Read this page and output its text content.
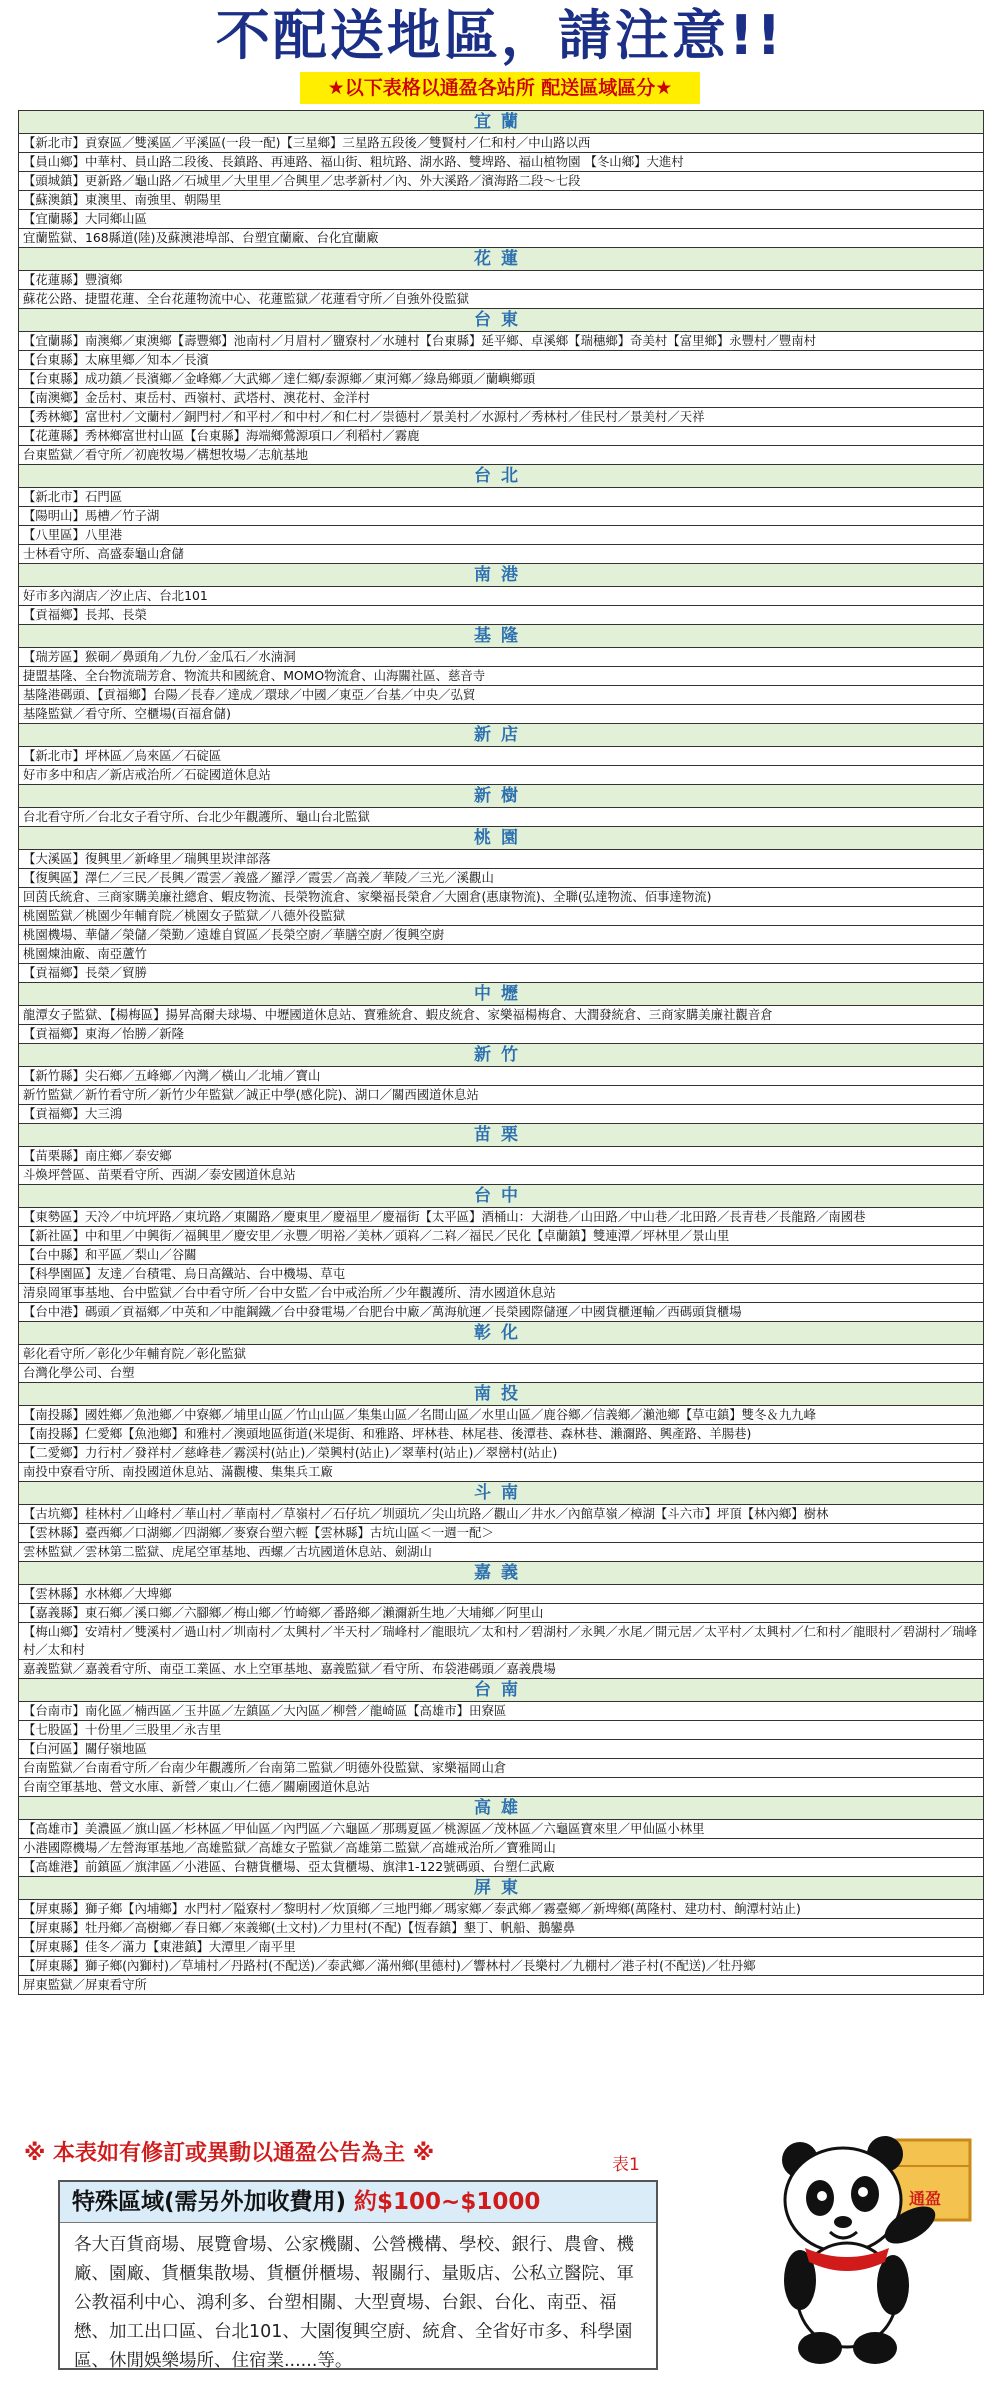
不配送地區，請注意!!
★以下表格以通盈各站所 配送區域區分★
宜蘭
【新北市】貢寮區／雙溪區／平溪區(一段一配)【三星鄉】三星路五段後／雙賢村／仁和村／中山路以西
【員山鄉】中華村、員山路二段後、長鎮路、再連路、福山街、粗坑路、湖水路、雙埤路、福山植物園 【冬山鄉】大進村
【頭城鎮】更新路／龜山路／石城里／大里里／合興里／忠孝新村／內、外大溪路／濱海路二段～七段
【蘇澳鎮】東澳里、南強里、朝陽里
【宜蘭縣】大同鄉山區
宜蘭監獄、168縣道(陸)及蘇澳港埠部、台塑宜蘭廠、台化宜蘭廠
花蓮
【花蓮縣】豐濱鄉
蘇花公路、捷盟花蓮、全台花蓮物流中心、花蓮監獄／花蓮看守所／自強外役監獄
台東
【宜蘭縣】南澳鄉／東澳鄉【壽豐鄉】池南村／月眉村／鹽寮村／水璉村【台東縣】延平鄉、卓溪鄉【瑞穗鄉】奇美村【富里鄉】永豐村／豐南村
【台東縣】太麻里鄉／知本／長濱
【台東縣】成功鎮／長濱鄉／金峰鄉／大武鄉／達仁鄉/泰源鄉／東河鄉／綠島鄉頭／蘭嶼鄉頭
【南澳鄉】金岳村、東岳村、西嶺村、武塔村、澳花村、金洋村
【秀林鄉】富世村／文蘭村／銅門村／和平村／和中村／和仁村／崇德村／景美村／水源村／秀林村／佳民村／景美村／天祥
【花蓮縣】秀林鄉富世村山區【台東縣】海端鄉鶯源項口／利稻村／霧鹿
台東監獄／看守所／初鹿牧場／構想牧場／志航基地
台北
【新北市】石門區
【陽明山】馬槽／竹子湖
【八里區】八里港
士林看守所、高盛泰龜山倉儲
南港
好市多內湖店／汐止店、台北101
【貢福鄉】長邦、長榮
基隆
【瑞芳區】猴硐／鼻頭角／九份／金瓜石／水湳洞
捷盟基隆、全台物流瑞芳倉、物流共和國統倉、MOMO物流倉、山海關社區、慈音寺
基隆港碼頭、【貢福鄉】台陽／長春／達成／環球／中國／東亞／台基／中央／弘貿
基隆監獄／看守所、空櫃場(百福倉儲)
新店
【新北市】坪林區／烏來區／石碇區
好市多中和店／新店戒治所／石碇國道休息站
新樹
台北看守所／台北女子看守所、台北少年觀護所、龜山台北監獄
桃園
【大溪區】復興里／新峰里／瑞興里崁津部落
【復興區】澤仁／三民／長興／霞雲／義盛／羅浮／霞雲／高義／華陵／三光／溪觀山
回茵氏統倉、三商家購美廉社總倉、蝦皮物流、長榮物流倉、家樂福長榮倉／大園倉(惠康物流)、全聯(弘達物流、佰事達物流)
桃園監獄／桃園少年輔育院／桃園女子監獄／八德外役監獄
桃園機場、華儲／榮儲／榮勤／遠雄自貿區／長榮空廚／華膳空廚／復興空廚
桃園煉油廠、南亞蘆竹
【貢福鄉】長榮／貿勝
中壢
龍潭女子監獄、【楊梅區】揚昇高爾夫球場、中壢國道休息站、寶雅統倉、蝦皮統倉、家樂福楊梅倉、大潤發統倉、三商家購美廉社觀音倉
【貢福鄉】東海／怡勝／新隆
新竹
【新竹縣】尖石鄉／五峰鄉／內灣／橫山／北埔／寶山
新竹監獄／新竹看守所／新竹少年監獄／誠正中學(感化院)、湖口／關西國道休息站
【貢福鄉】大三鴻
苗栗
【苗栗縣】南庄鄉／泰安鄉
斗煥坪營區、苗栗看守所、西湖／泰安國道休息站
台中
【東勢區】天冷／中坑坪路／東坑路／東關路／慶東里／慶福里／慶福街【太平區】酒桶山：大湖巷／山田路／中山巷／北田路／長青巷／長龍路／南國巷
【新社區】中和里／中興街／福興里／慶安里／永豐／明裕／美林／頭嵙／二嵙／福民／民化【卓蘭鎮】雙連潭／坪林里／景山里
【台中縣】和平區／梨山／谷關
【科學園區】友達／台積電、烏日高鐵站、台中機場、草屯
清泉岡軍事基地、台中監獄／台中看守所／台中女監／台中戒治所／少年觀護所、清水國道休息站
【台中港】碼頭／貢福鄉／中英和／中龍鋼鐵／台中發電場／台肥台中廠／萬海航運／長榮國際儲運／中國貨櫃運輸／西碼頭貨櫃場
彰化
彰化看守所／彰化少年輔育院／彰化監獄
台灣化學公司、台塑
南投
【南投縣】國姓鄉／魚池鄉／中寮鄉／埔里山區／竹山山區／集集山區／名間山區／水里山區／鹿谷鄉／信義鄉／瀨池鄉【草屯鎮】雙冬＆九九峰
【南投縣】仁愛鄉【魚池鄉】和雅村／澳頭地區街道(米堤街、和雅路、坪林巷、林尾巷、後潭巷、森林巷、瀨濔路、興產路、羊腸巷)
【二愛鄉】力行村／發祥村／慈峰巷／霧渓村(站止)／榮興村(站止)／翠華村(站止)／翠巒村(站止)
南投中寮看守所、南投國道休息站、滿觀樓、集集兵工廠
斗南
【古坑鄉】桂林村／山峰村／華山村／華南村／草嶺村／石仔坑／圳頭坑／尖山坑路／觀山／井水／內館草嶺／樟湖【斗六市】坪頂【林內鄉】樹林
【雲林縣】臺西鄉／口湖鄉／四湖鄉／麥寮台塑六輕【雲林縣】古坑山區＜一週一配＞
雲林監獄／雲林第二監獄、虎尾空軍基地、西螺／古坑國道休息站、劍湖山
嘉義
【雲林縣】水林鄉／大埤鄉
【嘉義縣】東石鄉／溪口鄉／六腳鄉／梅山鄉／竹崎鄉／番路鄉／瀨濔新生地／大埔鄉／阿里山
【梅山鄉】安靖村／雙溪村／過山村／圳南村／太興村／半天村／瑞峰村／龍眼坑／太和村／碧湖村／永興／水尾／開元居／太平村／太興村／仁和村／龍眼村／碧湖村／瑞峰村／太和村
嘉義監獄／嘉義看守所、南亞工業區、水上空軍基地、嘉義監獄／看守所、布袋港碼頭／嘉義農場
台南
【台南市】南化區／楠西區／玉井區／左鎮區／大內區／柳營／龍崎區【高雄市】田寮區
【七股區】十份里／三股里／永吉里
【白河區】關仔嶺地區
台南監獄／台南看守所／台南少年觀護所／台南第二監獄／明德外役監獄、家樂福岡山倉
台南空軍基地、營文水庫、新營／東山／仁德／關廟國道休息站
高雄
【高雄市】美濃區／旗山區／杉林區／甲仙區／內門區／六龜區／那瑪夏區／桃源區／茂林區／六龜區寶來里／甲仙區小林里
小港國際機場／左營海軍基地／高雄監獄／高雄女子監獄／高雄第二監獄／高雄戒治所／寶雅岡山
【高雄港】前鎮區／旗津區／小港區、台糖貨櫃場、亞太貨櫃場、旗津1-122號碼頭、台塑仁武廠
屏東
【屏東縣】獅子鄉【內埔鄉】水門村／隘寮村／黎明村／炊頂鄉／三地門鄉／瑪家鄉／泰武鄉／霧臺鄉／新埤鄉(萬隆村、建功村、餉潭村站止)
【屏東縣】牡丹鄉／高樹鄉／春日鄉／來義鄉(土文村)／力里村(不配)【恆春鎮】墾丁、帆船、鵝鑾鼻
【屏東縣】佳冬／滿力【東港鎮】大潭里／南平里
【屏東縣】獅子鄉(內獅村)／草埔村／丹路村(不配送)／泰武鄉／滿州鄉(里德村)／響林村／長樂村／九棚村／港子村(不配送)／牡丹鄉
屏東監獄／屏東看守所
※ 本表如有修訂或異動以通盈公告為主 ※	表1
特殊區域(需另外加收費用) 約$100~$1000
各大百貨商場、展覽會場、公家機關、公營機構、學校、銀行、農會、機廠、園廠、貨櫃集散場、貨櫃併櫃場、報關行、量販店、公私立醫院、軍公教福利中心、鴻利多、台塑相關、大型賣場、台銀、台化、南亞、福懋、加工出口區、台北101、大園復興空廚、統倉、全省好市多、科學園區、休閒娛樂場所、住宿業......等。
通盈
